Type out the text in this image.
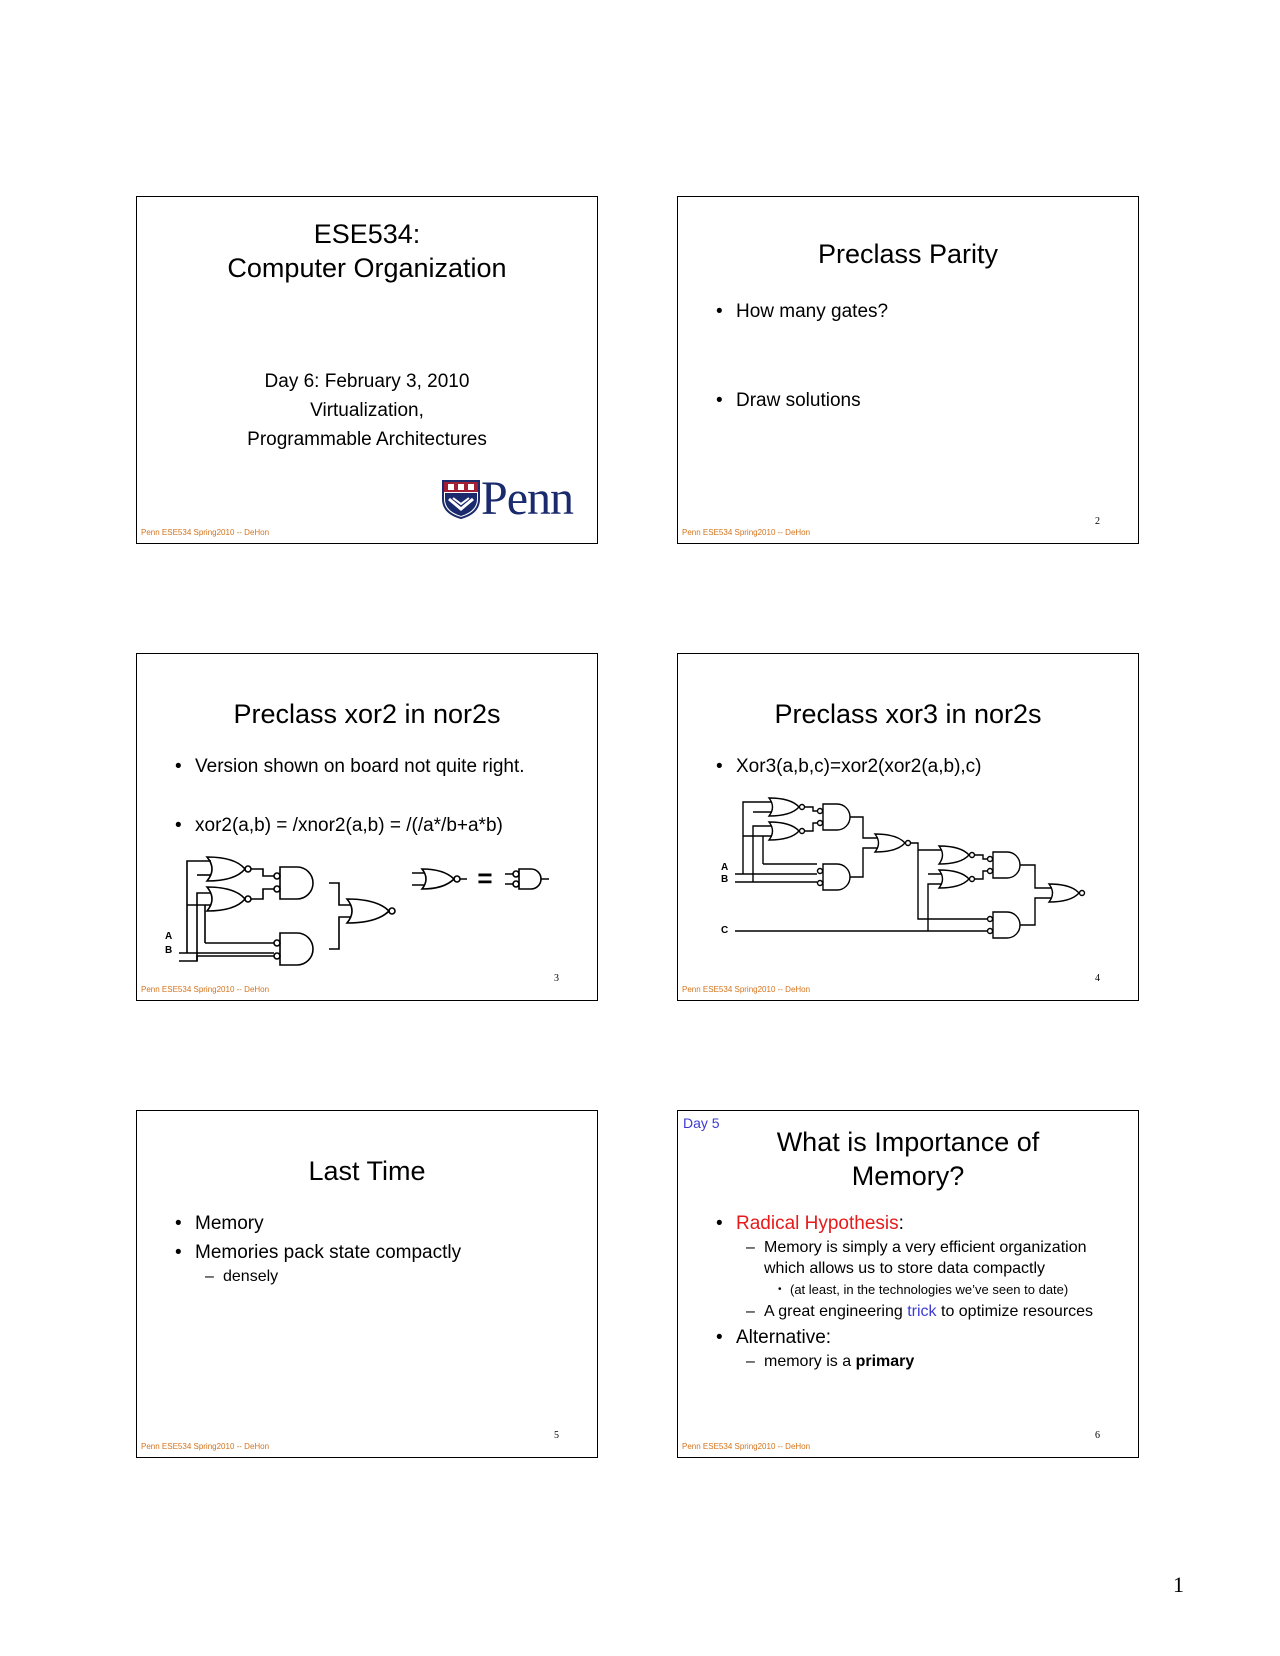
ESE534:
Computer Organization
Day 6: February 3, 2010
Virtualization,
Programmable Architectures
Penn
Penn ESE534 Spring2010 -- DeHon
Preclass Parity
• How many gates?
• Draw solutions
2
Penn ESE534 Spring2010 -- DeHon
Preclass xor2 in nor2s
• Version shown on board not quite right.
• xor2(a,b) = /xnor2(a,b) = /(/a*/b+a*b)
=
A
B
3
Penn ESE534 Spring2010 -- DeHon
Preclass xor3 in nor2s
• Xor3(a,b,c)=xor2(xor2(a,b),c)
A
B
C
4
Penn ESE534 Spring2010 -- DeHon
Last Time
• Memory
• Memories pack state compactly
– densely
5
Penn ESE534 Spring2010 -- DeHon
Day 5
What is Importance of
Memory?
• Radical Hypothesis:
– Memory is simply a very efficient organization which allows us to store data compactly
• (at least, in the technologies we’ve seen to date)
– A great engineering trick to optimize resources
• Alternative:
– memory is a primary
6
Penn ESE534 Spring2010 -- DeHon
1
